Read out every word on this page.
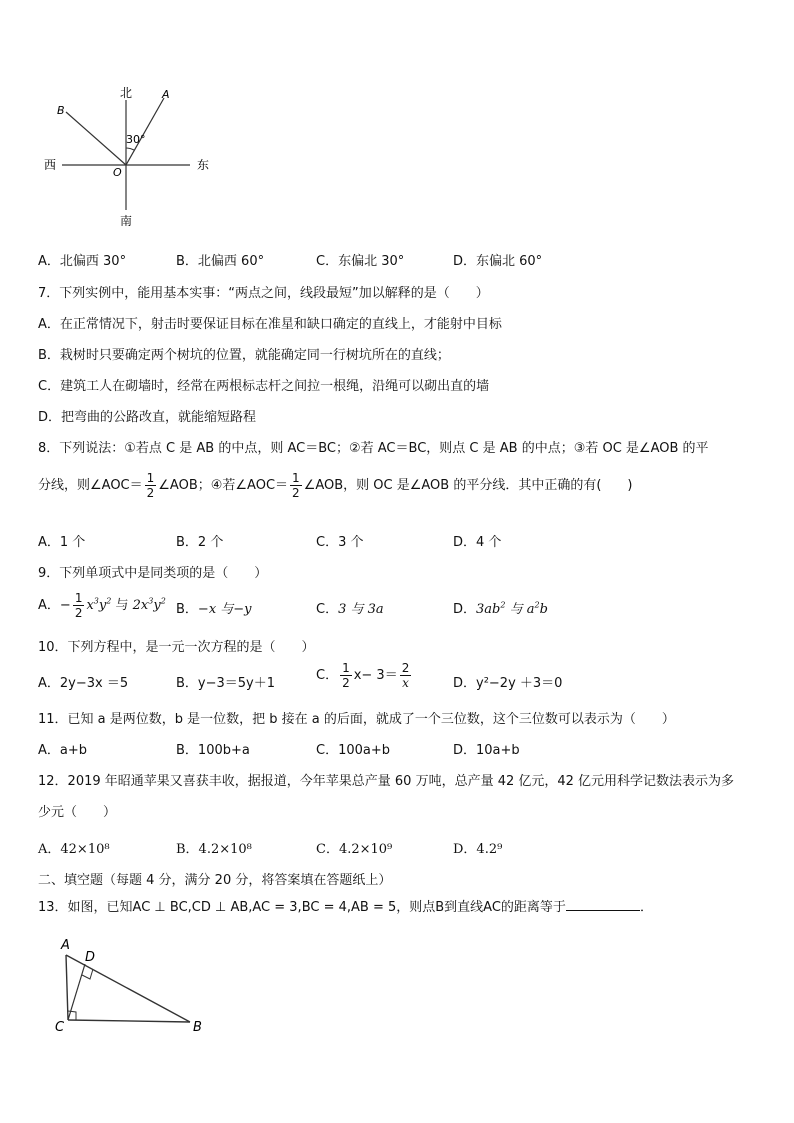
北
南
西	东
O
A
B
30°
A．北偏西 30°	B．北偏西 60°	C．东偏北 30°	D．东偏北 60°
7．下列实例中，能用基本实事：“两点之间，线段最短”加以解释的是（　　）
A．在正常情况下，射击时要保证目标在准星和缺口确定的直线上，才能射中目标
B．栽树时只要确定两个树坑的位置，就能确定同一行树坑所在的直线；
C．建筑工人在砌墙时，经常在两根标志杆之间拉一根绳，沿绳可以砌出直的墙
D．把弯曲的公路改直，就能缩短路程
8．下列说法：①若点 C 是 AB 的中点，则 AC＝BC；②若 AC＝BC，则点 C 是 AB 的中点；③若 OC 是∠AOB 的平
分线，则∠AOC＝ $\frac{1}{2}$ ∠AOB；④若∠AOC＝ $\frac{1}{2}$ ∠AOB，则 OC 是∠AOB 的平分线．其中正确的有(　　)
A．1 个	B．2 个	C．3 个	D．4 个
9．下列单项式中是同类项的是（　　）
A．− $\frac{1}{2} x^3y^2$ 与 $2x^3y^2$
B．−x 与−y	C．3 与 3a	D．$3ab^2$ 与 $a^2b$
10．下列方程中，是一元一次方程的是（　　）
A．2y−3x ＝5	B．y−3＝5y＋1
C． $\frac{1}{2} x- 3= \frac{2}{x}$	D．y²−2y ＋3＝0
11．已知 a 是两位数，b 是一位数，把 b 接在 a 的后面，就成了一个三位数，这个三位数可以表示为（　　）
A．a+b	B．100b+a	C．100a+b	D．10a+b
12．2019 年昭通苹果又喜获丰收，据报道，今年苹果总产量 60 万吨，总产量 42 亿元，42 亿元用科学记数法表示为多
少元（　　）
A．42×10⁸	B．4.2×10⁸	C．4.2×10⁹	D．4.2⁹
二、填空题（每题 4 分，满分 20 分，将答案填在答题纸上）
13．如图，已知AC ⊥ BC,CD ⊥ AB,AC = 3,BC = 4,AB = 5，则点B到直线AC的距离等于	．
A
D
C	B
